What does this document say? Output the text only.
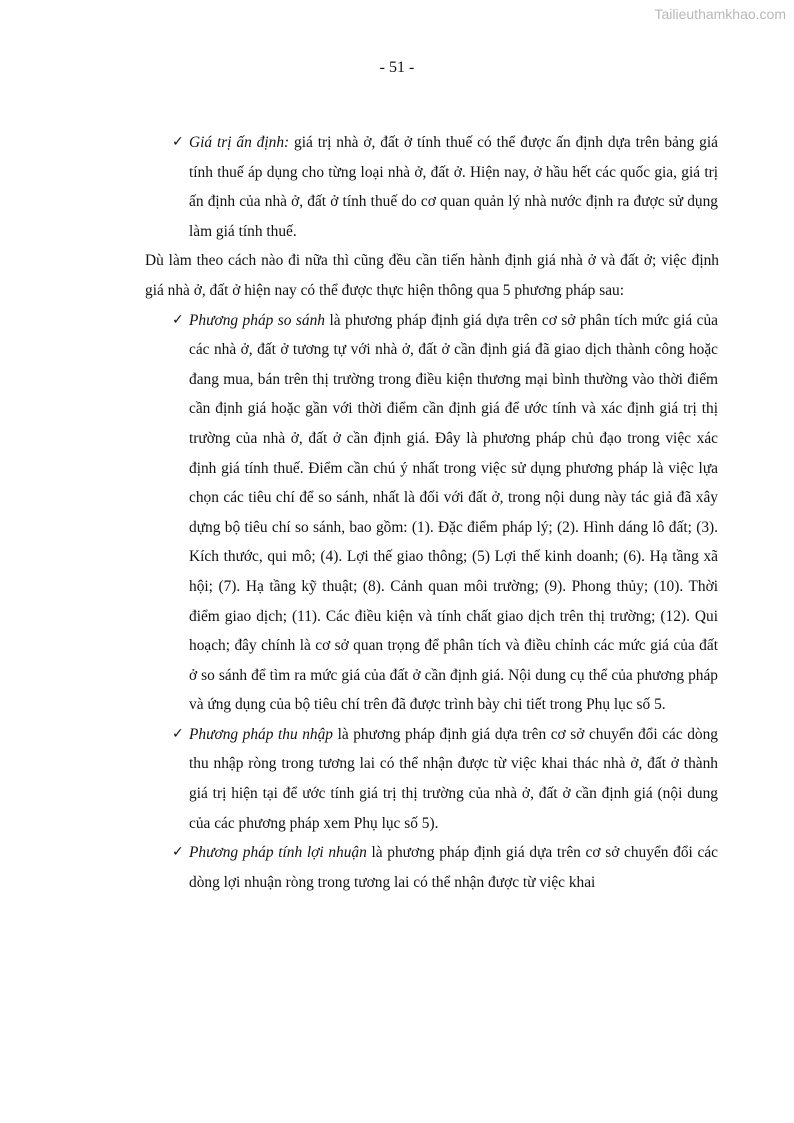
Tailieuthamkhao.com
- 51 -

✓ Giá trị ấn định: giá trị nhà ở, đất ở tính thuế có thể được ấn định dựa trên bảng giá tính thuế áp dụng cho từng loại nhà ở, đất ở. Hiện nay, ở hầu hết các quốc gia, giá trị ấn định của nhà ở, đất ở tính thuế do cơ quan quản lý nhà nước định ra được sử dụng làm giá tính thuế.

Dù làm theo cách nào đi nữa thì cũng đều cần tiến hành định giá nhà ở và đất ở; việc định giá nhà ở, đất ở hiện nay có thể được thực hiện thông qua 5 phương pháp sau:

✓ Phương pháp so sánh là phương pháp định giá dựa trên cơ sở phân tích mức giá của các nhà ở, đất ở tương tự với nhà ở, đất ở cần định giá đã giao dịch thành công hoặc đang mua, bán trên thị trường trong điều kiện thương mại bình thường vào thời điểm cần định giá hoặc gần với thời điểm cần định giá để ước tính và xác định giá trị thị trường của nhà ở, đất ở cần định giá. Đây là phương pháp chủ đạo trong việc xác định giá tính thuế. Điểm cần chú ý nhất trong việc sử dụng phương pháp là việc lựa chọn các tiêu chí để so sánh, nhất là đối với đất ở, trong nội dung này tác giả đã xây dựng bộ tiêu chí so sánh, bao gồm: (1). Đặc điểm pháp lý; (2). Hình dáng lô đất; (3). Kích thước, qui mô; (4). Lợi thế giao thông; (5) Lợi thế kinh doanh; (6). Hạ tầng xã hội; (7). Hạ tầng kỹ thuật; (8). Cảnh quan môi trường; (9). Phong thủy; (10). Thời điểm giao dịch; (11). Các điều kiện và tính chất giao dịch trên thị trường; (12). Qui hoạch; đây chính là cơ sở quan trọng để phân tích và điều chỉnh các mức giá của đất ở so sánh để tìm ra mức giá của đất ở cần định giá. Nội dung cụ thể của phương pháp và ứng dụng của bộ tiêu chí trên đã được trình bày chi tiết trong Phụ lục số 5.

✓ Phương pháp thu nhập là phương pháp định giá dựa trên cơ sở chuyển đổi các dòng thu nhập ròng trong tương lai có thể nhận được từ việc khai thác nhà ở, đất ở thành giá trị hiện tại để ước tính giá trị thị trường của nhà ở, đất ở cần định giá (nội dung của các phương pháp xem Phụ lục số 5).

✓ Phương pháp tính lợi nhuận là phương pháp định giá dựa trên cơ sở chuyển đổi các dòng lợi nhuận ròng trong tương lai có thể nhận được từ việc khai
